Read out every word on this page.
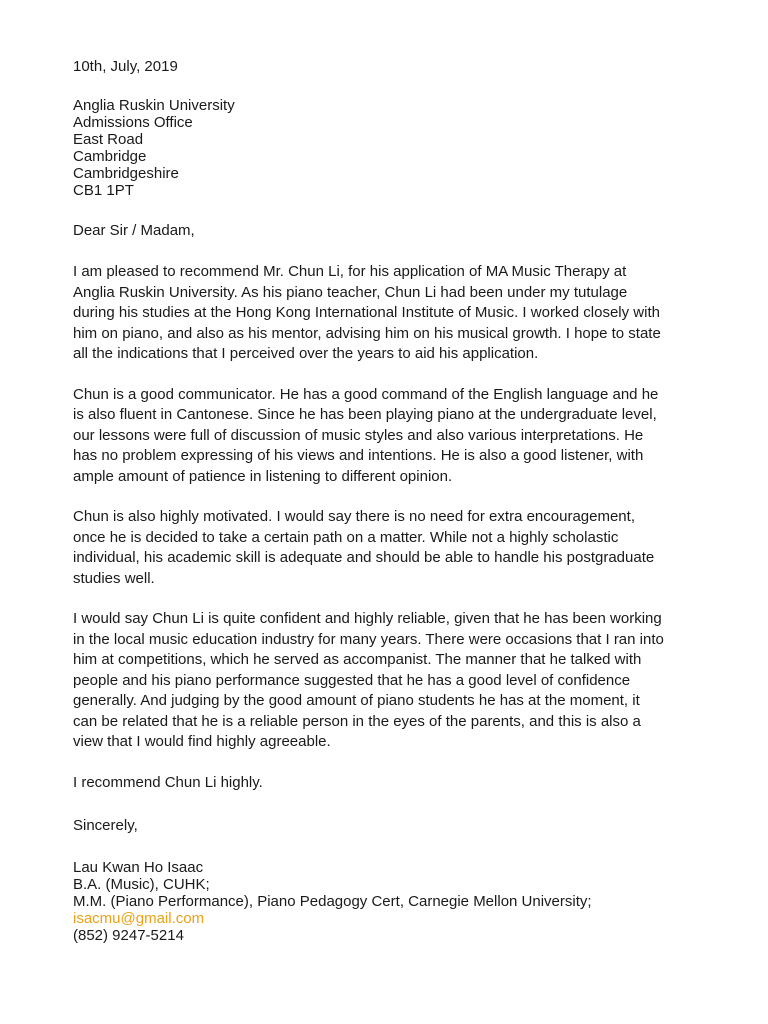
10th, July, 2019
Anglia Ruskin University
Admissions Office
East Road
Cambridge
Cambridgeshire
CB1 1PT
Dear Sir / Madam,
I am pleased to recommend Mr. Chun Li, for his application of MA Music Therapy at
Anglia Ruskin University. As his piano teacher, Chun Li had been under my tutulage
during his studies at the Hong Kong International Institute of Music. I worked closely with
him on piano, and also as his mentor, advising him on his musical growth. I hope to state
all the indications that I perceived over the years to aid his application.
Chun is a good communicator. He has a good command of the English language and he
is also fluent in Cantonese. Since he has been playing piano at the undergraduate level,
our lessons were full of discussion of music styles and also various interpretations. He
has no problem expressing of his views and intentions. He is also a good listener, with
ample amount of patience in listening to different opinion.
Chun is also highly motivated. I would say there is no need for extra encouragement,
once he is decided to take a certain path on a matter. While not a highly scholastic
individual, his academic skill is adequate and should be able to handle his postgraduate
studies well.
I would say Chun Li is quite confident and highly reliable, given that he has been working
in the local music education industry for many years. There were occasions that I ran into
him at competitions, which he served as accompanist. The manner that he talked with
people and his piano performance suggested that he has a good level of confidence
generally. And judging by the good amount of piano students he has at the moment, it
can be related that he is a reliable person in the eyes of the parents, and this is also a
view that I would find highly agreeable.
I recommend Chun Li highly.
Sincerely,
Lau Kwan Ho Isaac
B.A. (Music), CUHK;
M.M. (Piano Performance), Piano Pedagogy Cert, Carnegie Mellon University;
isacmu@gmail.com
(852) 9247-5214
